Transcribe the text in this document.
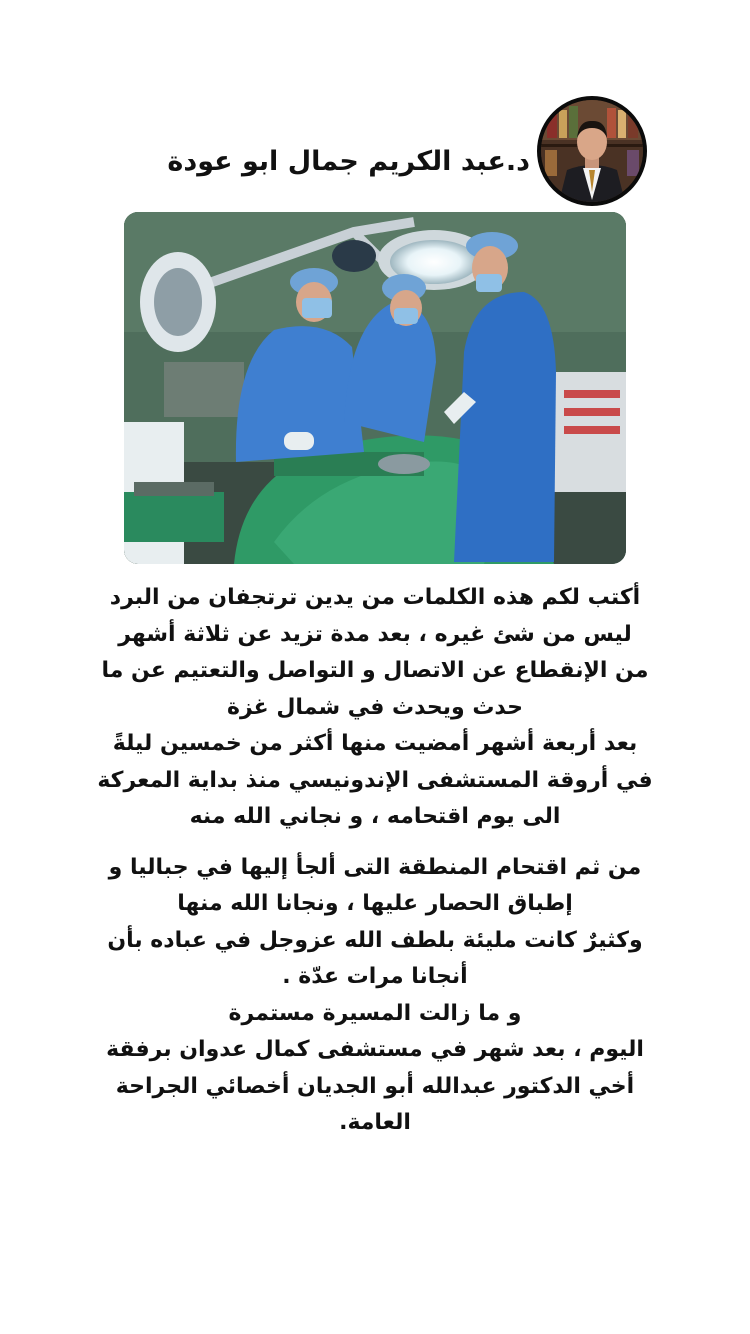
د.عبد الكريم جمال ابو عودة
أكتب لكم هذه الكلمات من يدين ترتجفان من البرد
ليس من شئ غيره ، بعد مدة تزيد عن ثلاثة أشهر
من الإنقطاع عن الاتصال و التواصل والتعتيم عن ما
حدث ويحدث في شمال غزة
بعد أربعة أشهر أمضيت منها أكثر من خمسين ليلةً
في أروقة المستشفى الإندونيسي منذ بداية المعركة
الى يوم اقتحامه ، و نجاني الله منه
من ثم اقتحام المنطقة التى ألجأ إليها في جباليا و
إطباق الحصار عليها ، ونجانا الله منها
وكثيرٌ كانت مليئة بلطف الله عزوجل في عباده بأن
أنجانا مرات عدّة .
و ما زالت المسيرة مستمرة
اليوم ، بعد شهر في مستشفى كمال عدوان برفقة
أخي الدكتور عبدالله أبو الجديان أخصائي الجراحة
العامة.
